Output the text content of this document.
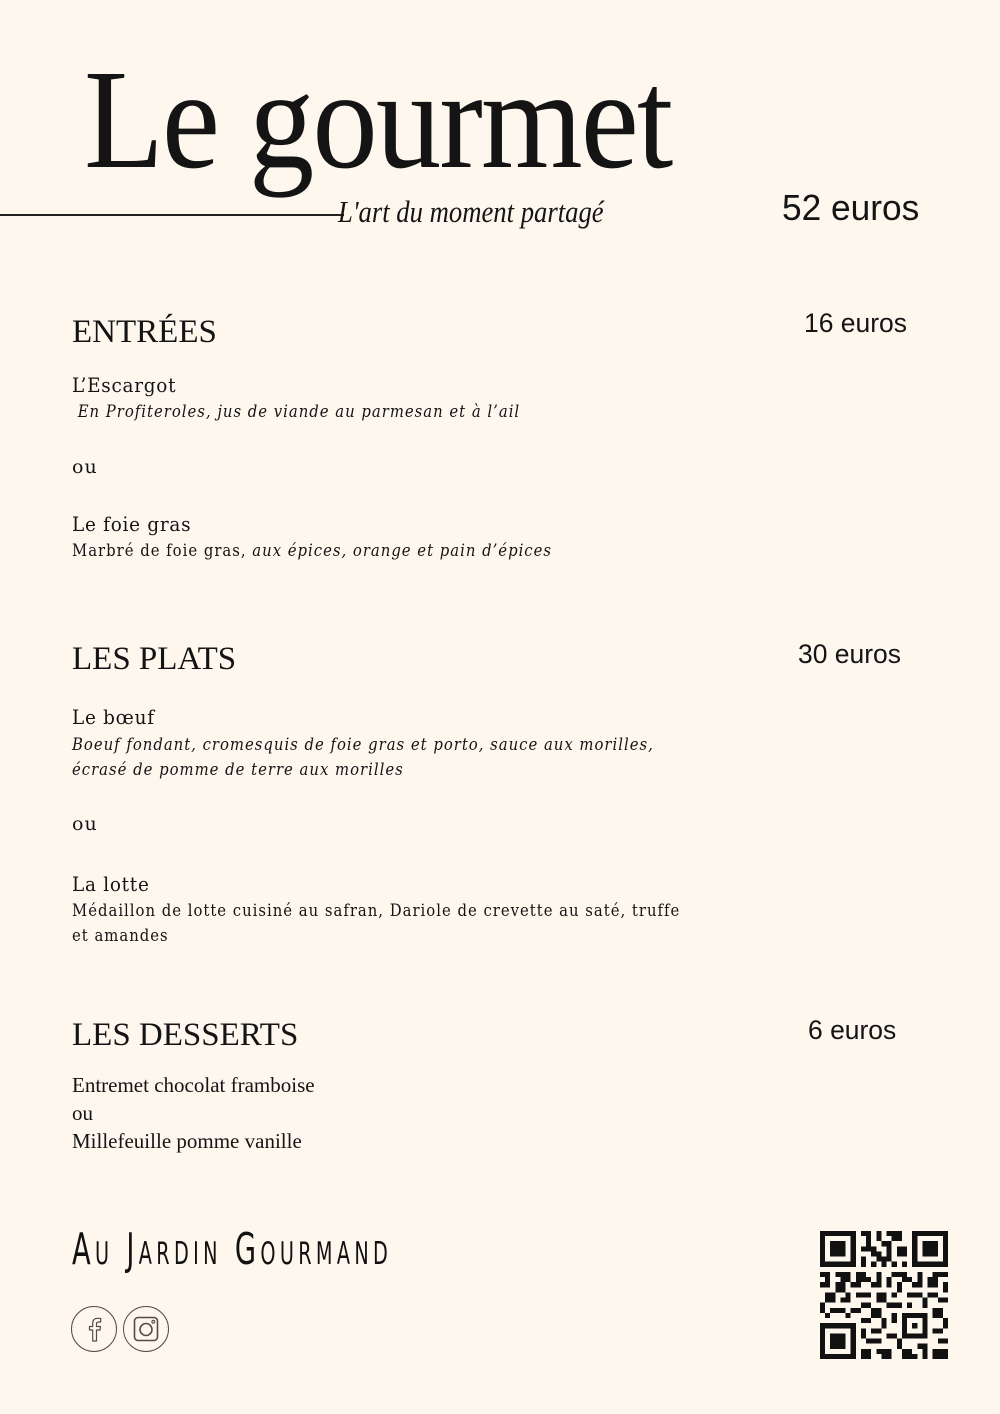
Le gourmet
L'art du moment partagé	52 euros
ENTRÉES	16 euros
L’Escargot
En Profiteroles, jus de viande au parmesan et à l’ail
ou
Le foie gras
Marbré de foie gras, aux épices, orange et pain d’épices
LES PLATS	30 euros
Le bœuf
Boeuf fondant, cromesquis de foie gras et porto, sauce aux morilles,
écrasé de pomme de terre aux morilles
ou
La lotte
Médaillon de lotte cuisiné au safran, Dariole de crevette au saté, truffe
et amandes
LES DESSERTS	6 euros
Entremet chocolat framboise
ou
Millefeuille pomme vanille
Au Jardin Gourmand
